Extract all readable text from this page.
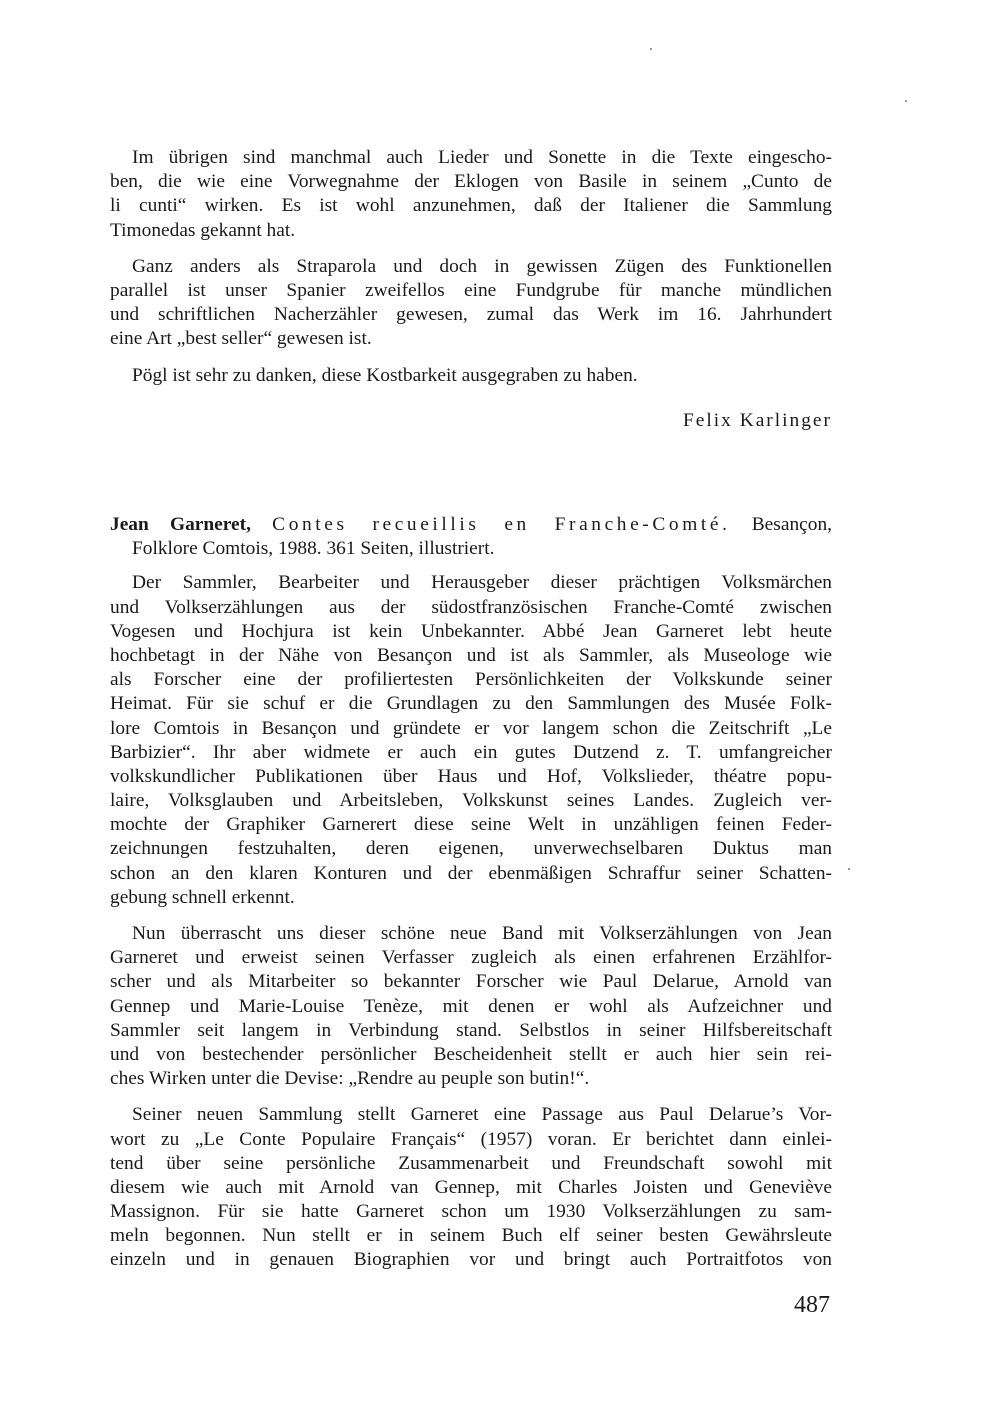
Im übrigen sind manchmal auch Lieder und Sonette in die Texte eingescho-
ben, die wie eine Vorwegnahme der Eklogen von Basile in seinem „Cunto de
li cunti“ wirken. Es ist wohl anzunehmen, daß der Italiener die Sammlung
Timonedas gekannt hat.
Ganz anders als Straparola und doch in gewissen Zügen des Funktionellen
parallel ist unser Spanier zweifellos eine Fundgrube für manche mündlichen
und schriftlichen Nacherzähler gewesen, zumal das Werk im 16. Jahrhundert
eine Art „best seller“ gewesen ist.
Pögl ist sehr zu danken, diese Kostbarkeit ausgegraben zu haben.
Felix Karlinger
Jean Garneret, Contes recueillis en Franche-Comté. Besançon,
Folklore Comtois, 1988. 361 Seiten, illustriert.
Der Sammler, Bearbeiter und Herausgeber dieser prächtigen Volksmärchen
und Volkserzählungen aus der südostfranzösischen Franche-Comté zwischen
Vogesen und Hochjura ist kein Unbekannter. Abbé Jean Garneret lebt heute
hochbetagt in der Nähe von Besançon und ist als Sammler, als Museologe wie
als Forscher eine der profiliertesten Persönlichkeiten der Volkskunde seiner
Heimat. Für sie schuf er die Grundlagen zu den Sammlungen des Musée Folk-
lore Comtois in Besançon und gründete er vor langem schon die Zeitschrift „Le
Barbizier“. Ihr aber widmete er auch ein gutes Dutzend z. T. umfangreicher
volkskundlicher Publikationen über Haus und Hof, Volkslieder, théatre popu-
laire, Volksglauben und Arbeitsleben, Volkskunst seines Landes. Zugleich ver-
mochte der Graphiker Garnerert diese seine Welt in unzähligen feinen Feder-
zeichnungen festzuhalten, deren eigenen, unverwechselbaren Duktus man
schon an den klaren Konturen und der ebenmäßigen Schraffur seiner Schatten-
gebung schnell erkennt.
Nun überrascht uns dieser schöne neue Band mit Volkserzählungen von Jean
Garneret und erweist seinen Verfasser zugleich als einen erfahrenen Erzählfor-
scher und als Mitarbeiter so bekannter Forscher wie Paul Delarue, Arnold van
Gennep und Marie-Louise Tenèze, mit denen er wohl als Aufzeichner und
Sammler seit langem in Verbindung stand. Selbstlos in seiner Hilfsbereitschaft
und von bestechender persönlicher Bescheidenheit stellt er auch hier sein rei-
ches Wirken unter die Devise: „Rendre au peuple son butin!“.
Seiner neuen Sammlung stellt Garneret eine Passage aus Paul Delarue’s Vor-
wort zu „Le Conte Populaire Français“ (1957) voran. Er berichtet dann einlei-
tend über seine persönliche Zusammenarbeit und Freundschaft sowohl mit
diesem wie auch mit Arnold van Gennep, mit Charles Joisten und Geneviève
Massignon. Für sie hatte Garneret schon um 1930 Volkserzählungen zu sam-
meln begonnen. Nun stellt er in seinem Buch elf seiner besten Gewährsleute
einzeln und in genauen Biographien vor und bringt auch Portraitfotos von
487
